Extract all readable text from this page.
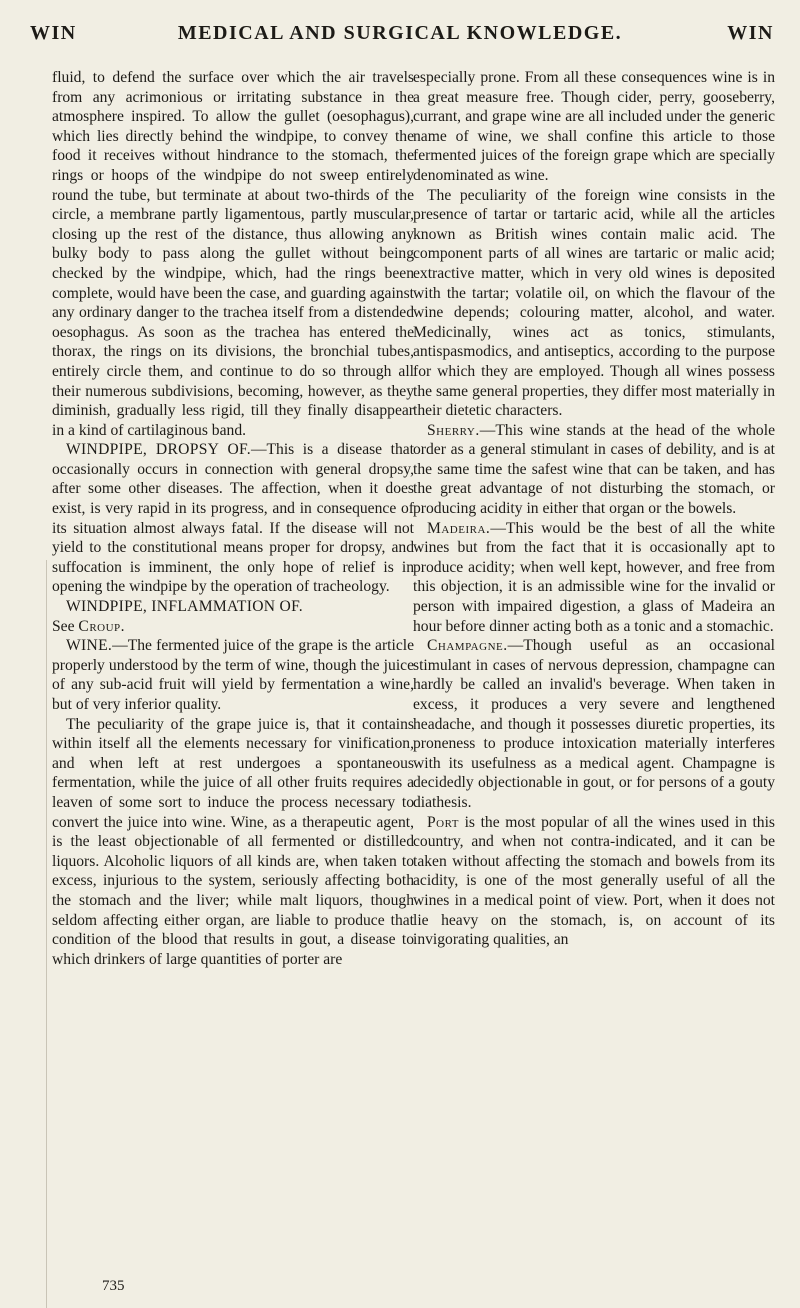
WIN	MEDICAL AND SURGICAL KNOWLEDGE.	WIN

fluid, to defend the surface over which the air travels from any acrimonious or irritating substance in the atmosphere inspired. To allow the gullet (oesophagus), which lies directly behind the windpipe, to convey the food it receives without hindrance to the stomach, the rings or hoops of the windpipe do not sweep entirely round the tube, but terminate at about two-thirds of the circle, a membrane partly ligamentous, partly muscular, closing up the rest of the distance, thus allowing any bulky body to pass along the gullet without being checked by the windpipe, which, had the rings been complete, would have been the case, and guarding against any ordinary danger to the trachea itself from a distended oesophagus. As soon as the trachea has entered the thorax, the rings on its divisions, the bronchial tubes, entirely circle them, and continue to do so through all their numerous subdivisions, becoming, however, as they diminish, gradually less rigid, till they finally disappear in a kind of cartilaginous band.

WINDPIPE, DROPSY OF.—This is a disease that occasionally occurs in connection with general dropsy, after some other diseases. The affection, when it does exist, is very rapid in its progress, and in consequence of its situation almost always fatal. If the disease will not yield to the constitutional means proper for dropsy, and suffocation is imminent, the only hope of relief is in opening the windpipe by the operation of tracheology.

WINDPIPE, INFLAMMATION OF.

See Croup.

WINE.—The fermented juice of the grape is the article properly understood by the term of wine, though the juice of any sub-acid fruit will yield by fermentation a wine, but of very inferior quality.

The peculiarity of the grape juice is, that it contains within itself all the elements necessary for vinification, and when left at rest undergoes a spontaneous fermentation, while the juice of all other fruits requires a leaven of some sort to induce the process necessary to convert the juice into wine. Wine, as a therapeutic agent, is the least objectionable of all fermented or distilled liquors. Alcoholic liquors of all kinds are, when taken to excess, injurious to the system, seriously affecting both the stomach and the liver; while malt liquors, though seldom affecting either organ, are liable to produce that condition of the blood that results in gout, a disease to which drinkers of large quantities of porter are

especially prone. From all these consequences wine is in a great measure free. Though cider, perry, gooseberry, currant, and grape wine are all included under the generic name of wine, we shall confine this article to those fermented juices of the foreign grape which are specially denominated as wine.

The peculiarity of the foreign wine consists in the presence of tartar or tartaric acid, while all the articles known as British wines contain malic acid. The component parts of all wines are tartaric or malic acid; extractive matter, which in very old wines is deposited with the tartar; volatile oil, on which the flavour of the wine depends; colouring matter, alcohol, and water. Medicinally, wines act as tonics, stimulants, antispasmodics, and antiseptics, according to the purpose for which they are employed. Though all wines possess the same general properties, they differ most materially in their dietetic characters.

Sherry.—This wine stands at the head of the whole order as a general stimulant in cases of debility, and is at the same time the safest wine that can be taken, and has the great advantage of not disturbing the stomach, or producing acidity in either that organ or the bowels.

Madeira.—This would be the best of all the white wines but from the fact that it is occasionally apt to produce acidity; when well kept, however, and free from this objection, it is an admissible wine for the invalid or person with impaired digestion, a glass of Madeira an hour before dinner acting both as a tonic and a stomachic.

Champagne.—Though useful as an occasional stimulant in cases of nervous depression, champagne can hardly be called an invalid's beverage. When taken in excess, it produces a very severe and lengthened headache, and though it possesses diuretic properties, its proneness to produce intoxication materially interferes with its usefulness as a medical agent. Champagne is decidedly objectionable in gout, or for persons of a gouty diathesis.

Port is the most popular of all the wines used in this country, and when not contra-indicated, and it can be taken without affecting the stomach and bowels from its acidity, is one of the most generally useful of all the wines in a medical point of view. Port, when it does not lie heavy on the stomach, is, on account of its invigorating qualities, an

735
